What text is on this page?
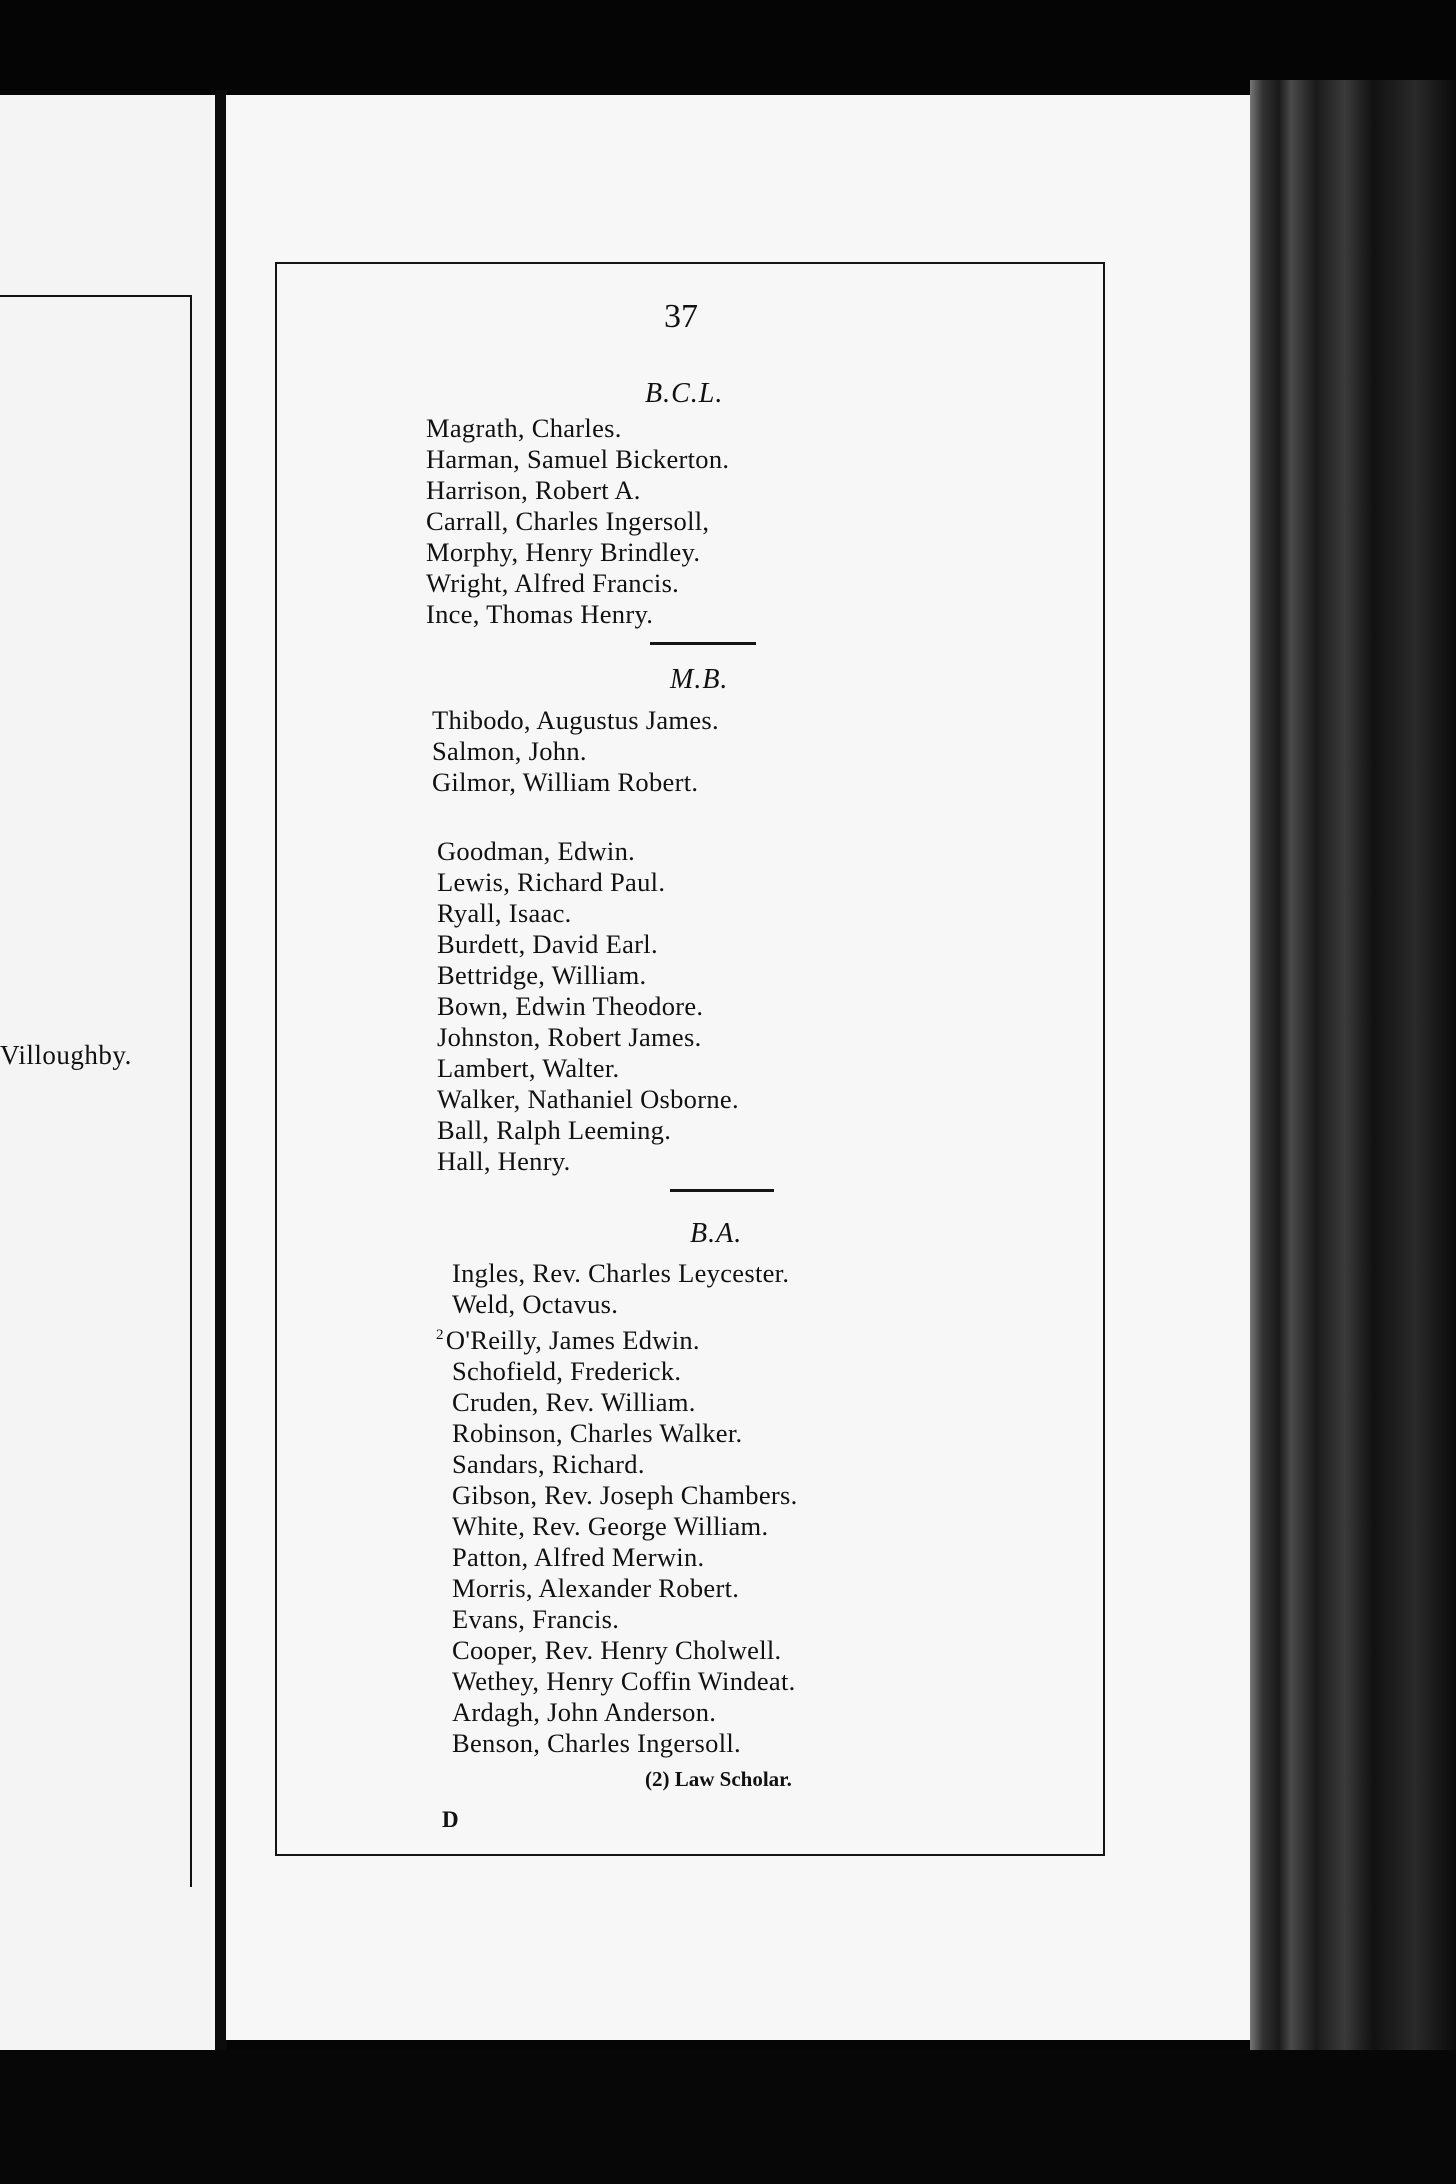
Villoughby.
37
B.C.L.
Magrath, Charles.
Harman, Samuel Bickerton.
Harrison, Robert A.
Carrall, Charles Ingersoll,
Morphy, Henry Brindley.
Wright, Alfred Francis.
Ince, Thomas Henry.
M.B.
Thibodo, Augustus James.
Salmon, John.
Gilmor, William Robert.
Goodman, Edwin.
Lewis, Richard Paul.
Ryall, Isaac.
Burdett, David Earl.
Bettridge, William.
Bown, Edwin Theodore.
Johnston, Robert James.
Lambert, Walter.
Walker, Nathaniel Osborne.
Ball, Ralph Leeming.
Hall, Henry.
B.A.
Ingles, Rev. Charles Leycester.
Weld, Octavus.
$^2$O'Reilly, James Edwin.
Schofield, Frederick.
Cruden, Rev. William.
Robinson, Charles Walker.
Sandars, Richard.
Gibson, Rev. Joseph Chambers.
White, Rev. George William.
Patton, Alfred Merwin.
Morris, Alexander Robert.
Evans, Francis.
Cooper, Rev. Henry Cholwell.
Wethey, Henry Coffin Windeat.
Ardagh, John Anderson.
Benson, Charles Ingersoll.
(2) Law Scholar.
D
